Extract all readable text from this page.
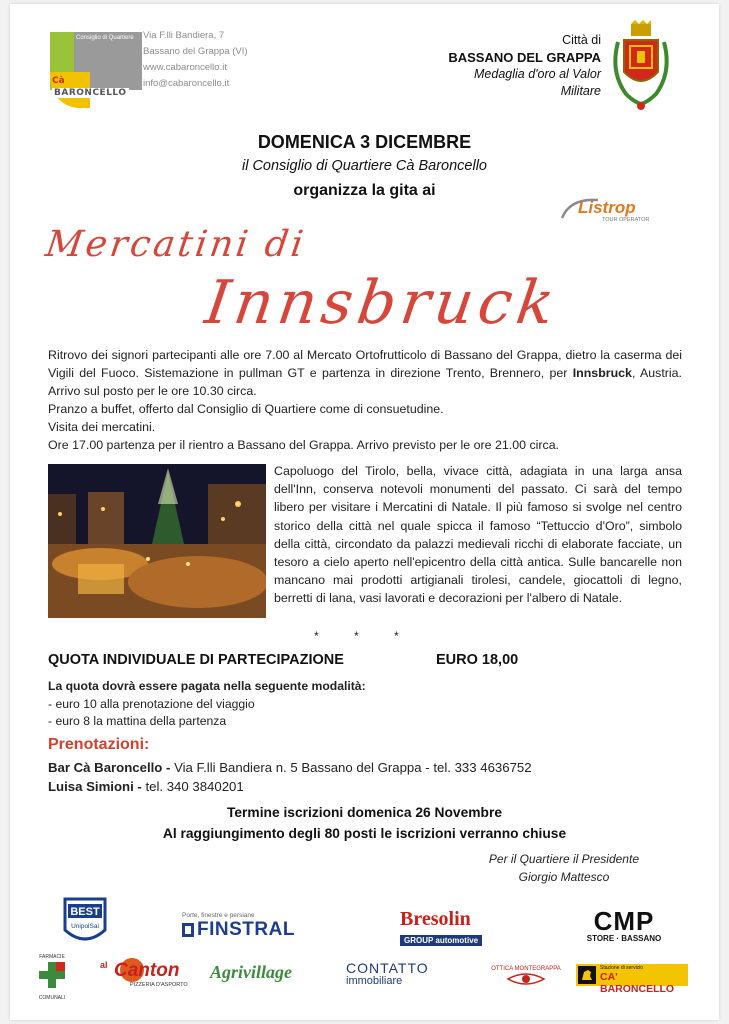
Consiglio di Quartiere
Cà
BARONCELLO
Via F.lli Bandiera, 7
Bassano del Grappa (VI)
www.cabaroncello.it
info@cabaroncello.it
Città di
BASSANO DEL GRAPPA
Medaglia d'oro al Valor
Militare
DOMENICA 3 DICEMBRE
il Consiglio di Quartiere Cà Baroncello
organizza la gita ai
Listrop
TOUR OPERATOR
Mercatini di
Innsbruck

Ritrovo dei signori partecipanti alle ore 7.00 al Mercato Ortofrutticolo di Bassano del Grappa, dietro la caserma dei Vigili del Fuoco. Sistemazione in pullman GT e partenza in direzione Trento, Brennero, per Innsbruck, Austria. Arrivo sul posto per le ore 10.30 circa.

Pranzo a buffet, offerto dal Consiglio di Quartiere come di consuetudine.

Visita dei mercatini.

Ore 17.00 partenza per il rientro a Bassano del Grappa. Arrivo previsto per le ore 21.00 circa.

Capoluogo del Tirolo, bella, vivace città, adagiata in una larga ansa dell'Inn, conserva notevoli monumenti del passato. Ci sarà del tempo libero per visitare i Mercatini di Natale. Il più famoso si svolge nel centro storico della città nel quale spicca il famoso “Tettuccio d'Oro”, simbolo della città, circondato da palazzi medievali ricchi di elaborate facciate, un tesoro a cielo aperto nell'epicentro della città antica. Sulle bancarelle non mancano mai prodotti artigianali tirolesi, candele, giocattoli di legno, berretti di lana, vasi lavorati e decorazioni per l'albero di Natale.
* * *
QUOTA INDIVIDUALE DI PARTECIPAZIONE	EURO 18,00
La quota dovrà essere pagata nella seguente modalità:
- euro 10 alla prenotazione del viaggio
- euro 8 la mattina della partenza
Prenotazioni:
Bar Cà Baroncello - Via F.lli Bandiera n. 5 Bassano del Grappa - tel. 333 4636752
Luisa Simioni - tel. 340 3840201
Termine iscrizioni domenica 26 Novembre
Al raggiungimento degli 80 posti le iscrizioni verranno chiuse
Per il Quartiere il Presidente
Giorgio Mattesco
BEST
UnipolSai
Porte, finestre e persiane
FINSTRAL	Bresolin
GROUP automotive
CMP
STORE · BASSANO
FARMACIE
COMUNALI
al Canton
PIZZERIA D'ASPORTO
Agrivillage	CONTATTO
immobiliare
OTTICA MONTEGRAPPA	Stazione di servizio
CA' BARONCELLO
